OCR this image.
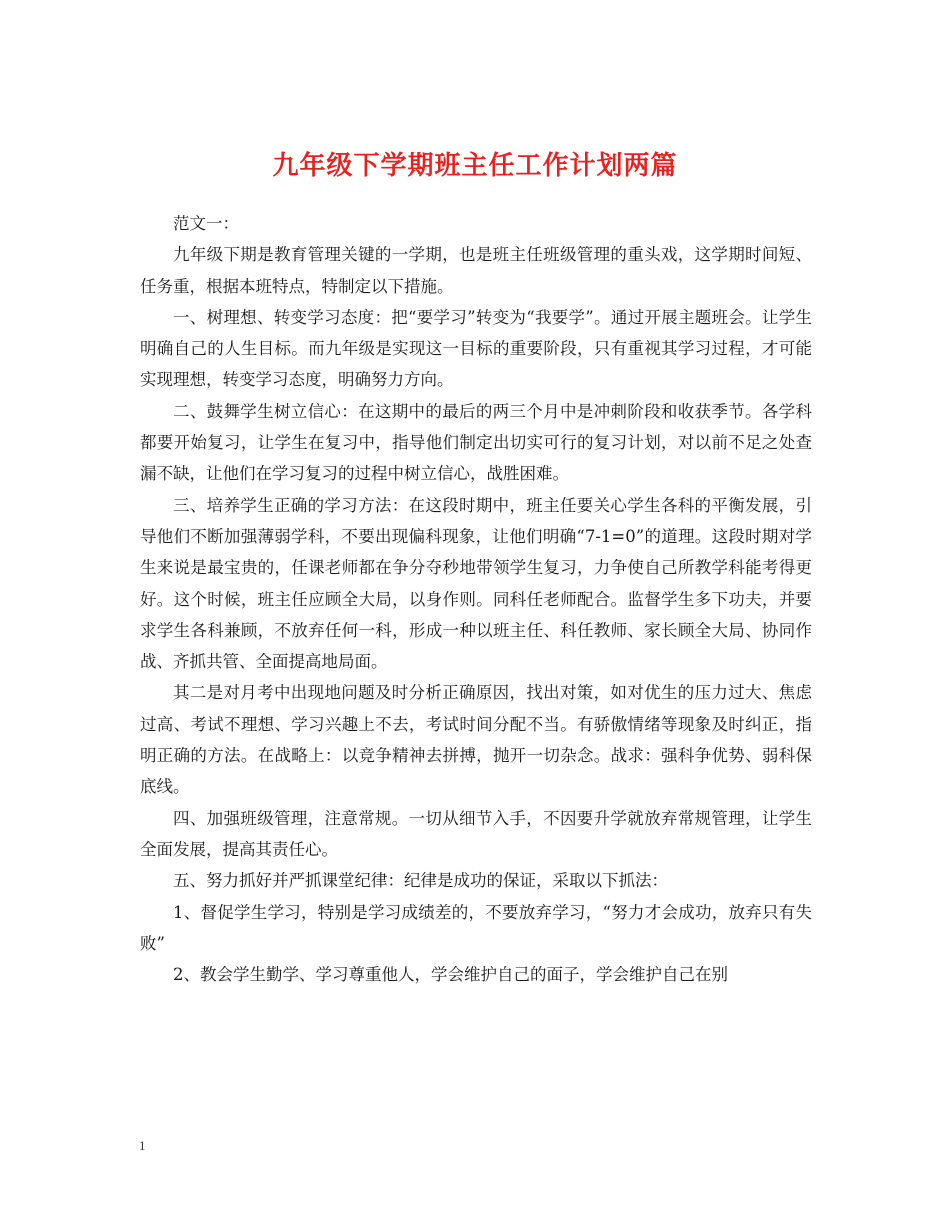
九年级下学期班主任工作计划两篇

范文一：

九年级下期是教育管理关键的一学期，也是班主任班级管理的重头戏，这学期时间短、任务重，根据本班特点，特制定以下措施。

一、树理想、转变学习态度：把“要学习”转变为“我要学”。通过开展主题班会。让学生明确自己的人生目标。而九年级是实现这一目标的重要阶段，只有重视其学习过程，才可能实现理想，转变学习态度，明确努力方向。

二、鼓舞学生树立信心：在这期中的最后的两三个月中是冲刺阶段和收获季节。各学科都要开始复习，让学生在复习中，指导他们制定出切实可行的复习计划，对以前不足之处查漏不缺，让他们在学习复习的过程中树立信心，战胜困难。

三、培养学生正确的学习方法：在这段时期中，班主任要关心学生各科的平衡发展，引导他们不断加强薄弱学科，不要出现偏科现象，让他们明确“7-1=0”的道理。这段时期对学生来说是最宝贵的，任课老师都在争分夺秒地带领学生复习，力争使自己所教学科能考得更好。这个时候，班主任应顾全大局，以身作则。同科任老师配合。监督学生多下功夫，并要求学生各科兼顾，不放弃任何一科，形成一种以班主任、科任教师、家长顾全大局、协同作战、齐抓共管、全面提高地局面。

其二是对月考中出现地问题及时分析正确原因，找出对策，如对优生的压力过大、焦虑过高、考试不理想、学习兴趣上不去，考试时间分配不当。有骄傲情绪等现象及时纠正，指明正确的方法。在战略上：以竞争精神去拼搏，抛开一切杂念。战求：强科争优势、弱科保底线。

四、加强班级管理，注意常规。一切从细节入手，不因要升学就放弃常规管理，让学生全面发展，提高其责任心。

五、努力抓好并严抓课堂纪律：纪律是成功的保证，采取以下抓法：

1、督促学生学习，特别是学习成绩差的，不要放弃学习，“努力才会成功，放弃只有失败”

2、教会学生勤学、学习尊重他人，学会维护自己的面子，学会维护自己在别

1
